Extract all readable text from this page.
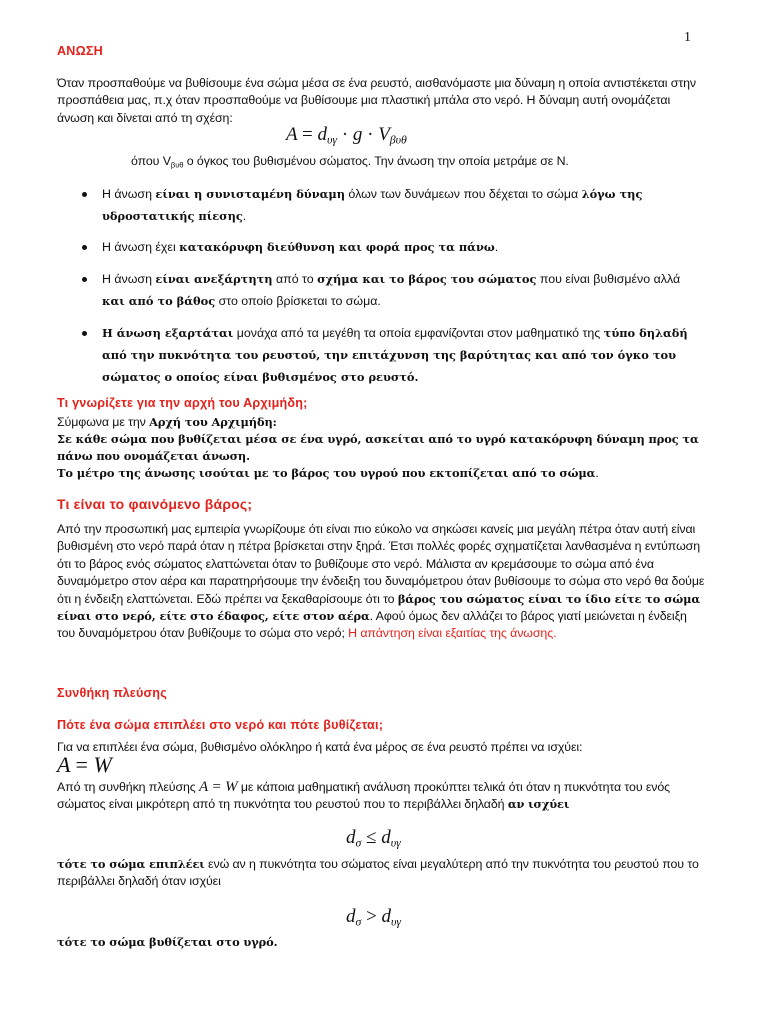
1
ΑΝΩΣΗ
Όταν προσπαθούμε να βυθίσουμε ένα σώμα μέσα σε ένα ρευστό, αισθανόμαστε μια δύναμη η οποία αντιστέκεται στην προσπάθεια μας, π.χ όταν προσπαθούμε να βυθίσουμε μια πλαστική μπάλα στο νερό. Η δύναμη αυτή ονομάζεται άνωση και δίνεται από τη σχέση:
$A = d_{\upsilon\gamma} \cdot g \cdot V_{\beta\upsilon\theta}$
όπου $V_{\beta\upsilon\theta}$ ο όγκος του βυθισμένου σώματος. Την άνωση την οποία μετράμε σε Ν.
Η άνωση είναι η συνισταμένη δύναμη όλων των δυνάμεων που δέχεται το σώμα λόγω της υδροστατικής πίεσης.
Η άνωση έχει κατακόρυφη διεύθυνση και φορά προς τα πάνω.
Η άνωση είναι ανεξάρτητη από το σχήμα και το βάρος του σώματος που είναι βυθισμένο αλλά και από το βάθος στο οποίο βρίσκεται το σώμα.
Η άνωση εξαρτάται μονάχα από τα μεγέθη τα οποία εμφανίζονται στον μαθηματικό της τύπο δηλαδή από την πυκνότητα του ρευστού, την επιτάχυνση της βαρύτητας και από τον όγκο του σώματος ο οποίος είναι βυθισμένος στο ρευστό.
Τι γνωρίζετε για την αρχή του Αρχιμήδη;
Σύμφωνα με την Αρχή του Αρχιμήδη:
Σε κάθε σώμα που βυθίζεται μέσα σε ένα υγρό, ασκείται από το υγρό κατακόρυφη δύναμη προς τα πάνω που ονομάζεται άνωση.
Το μέτρο της άνωσης ισούται με το βάρος του υγρού που εκτοπίζεται από το σώμα.
Τι είναι το φαινόμενο βάρος;
Από την προσωπική μας εμπειρία γνωρίζουμε ότι είναι πιο εύκολο να σηκώσει κανείς μια μεγάλη πέτρα όταν αυτή είναι βυθισμένη στο νερό παρά όταν η πέτρα βρίσκεται στην ξηρά. Έτσι πολλές φορές σχηματίζεται λανθασμένα η εντύπωση ότι το βάρος ενός σώματος ελαττώνεται όταν το βυθίζουμε στο νερό. Μάλιστα αν κρεμάσουμε το σώμα από ένα δυναμόμετρο στον αέρα και παρατηρήσουμε την ένδειξη του δυναμόμετρου όταν βυθίσουμε το σώμα στο νερό θα δούμε ότι η ένδειξη ελαττώνεται. Εδώ πρέπει να ξεκαθαρίσουμε ότι το βάρος του σώματος είναι το ίδιο είτε το σώμα είναι στο νερό, είτε στο έδαφος, είτε στον αέρα. Αφού όμως δεν αλλάζει το βάρος γιατί μειώνεται η ένδειξη του δυναμόμετρου όταν βυθίζουμε το σώμα στο νερό; Η απάντηση είναι εξαιτίας της άνωσης.
Συνθήκη πλεύσης
Πότε ένα σώμα επιπλέει στο νερό και πότε βυθίζεται;
Για να επιπλέει ένα σώμα, βυθισμένο ολόκληρο ή κατά ένα μέρος σε ένα ρευστό πρέπει να ισχύει:
A = W
Από τη συνθήκη πλεύσης A = W με κάποια μαθηματική ανάλυση προκύπτει τελικά ότι όταν η πυκνότητα του ενός σώματος είναι μικρότερη από τη πυκνότητα του ρευστού που το περιβάλλει δηλαδή αν ισχύει
$d_\sigma \le d_{\upsilon\gamma}$
τότε το σώμα επιπλέει ενώ αν η πυκνότητα του σώματος είναι μεγαλύτερη από την πυκνότητα του ρευστού που το περιβάλλει δηλαδή όταν ισχύει
$d_\sigma > d_{\upsilon\gamma}$
τότε το σώμα βυθίζεται στο υγρό.
